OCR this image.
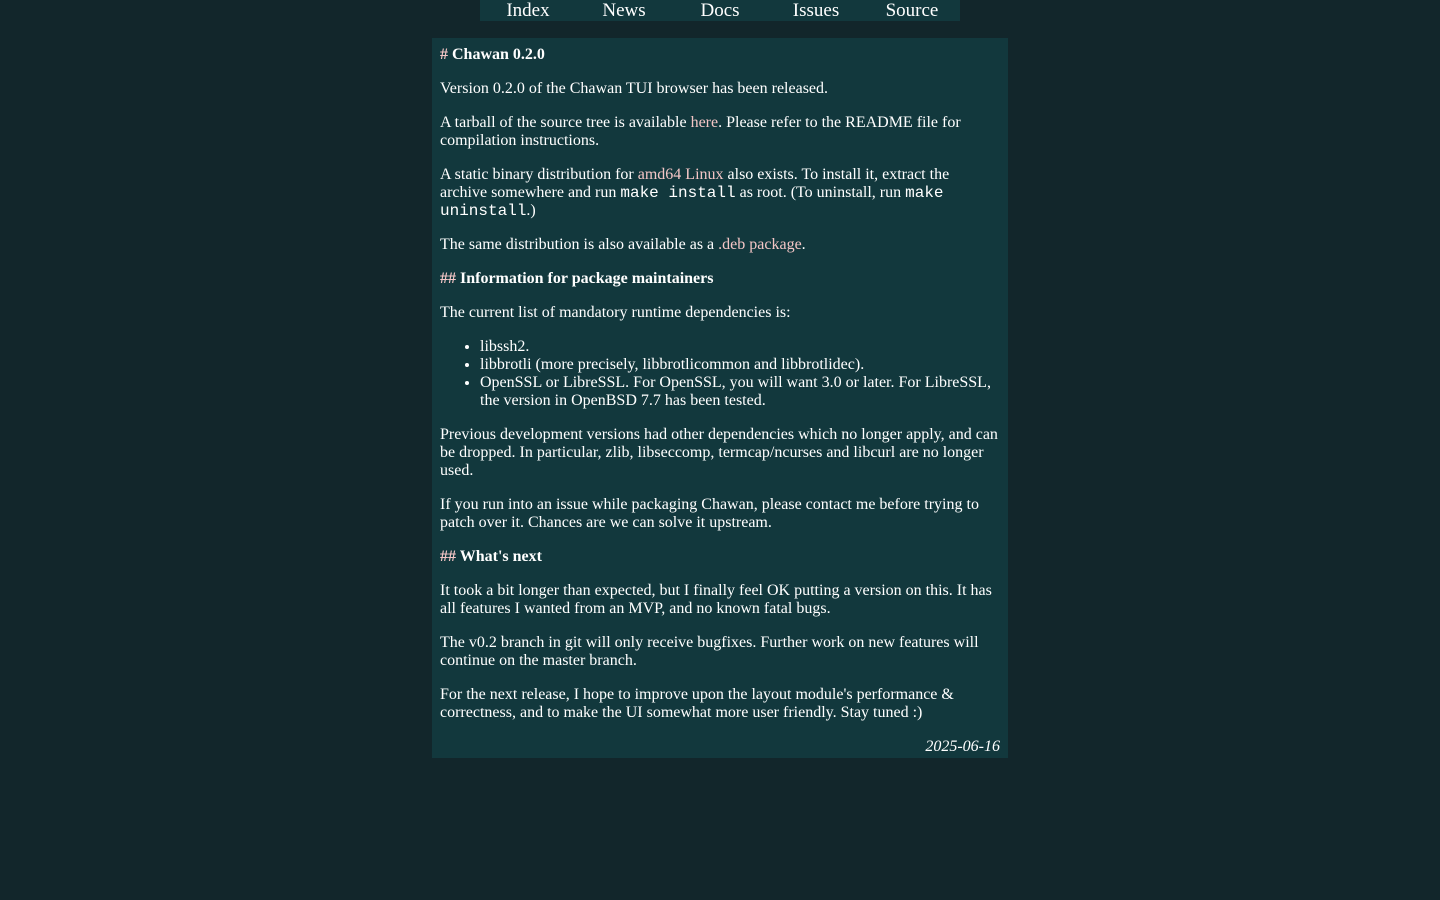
Index	News	Docs	Issues	Source
# Chawan 0.2.0

Version 0.2.0 of the Chawan TUI browser has been released.

A tarball of the source tree is available here. Please refer to the README file for compilation instructions.

A static binary distribution for amd64 Linux also exists. To install it, extract the archive somewhere and run make install as root. (To uninstall, run make uninstall.)

The same distribution is also available as a .deb package.

## Information for package maintainers

The current list of mandatory runtime dependencies is:

• libssh2.
• libbrotli (more precisely, libbrotlicommon and libbrotlidec).
• OpenSSL or LibreSSL. For OpenSSL, you will want 3.0 or later. For LibreSSL, the version in OpenBSD 7.7 has been tested.

Previous development versions had other dependencies which no longer apply, and can be dropped. In particular, zlib, libseccomp, termcap/ncurses and libcurl are no longer used.

If you run into an issue while packaging Chawan, please contact me before trying to patch over it. Chances are we can solve it upstream.

## What's next

It took a bit longer than expected, but I finally feel OK putting a version on this. It has all features I wanted from an MVP, and no known fatal bugs.

The v0.2 branch in git will only receive bugfixes. Further work on new features will continue on the master branch.

For the next release, I hope to improve upon the layout module's performance & correctness, and to make the UI somewhat more user friendly. Stay tuned :)

2025-06-16
